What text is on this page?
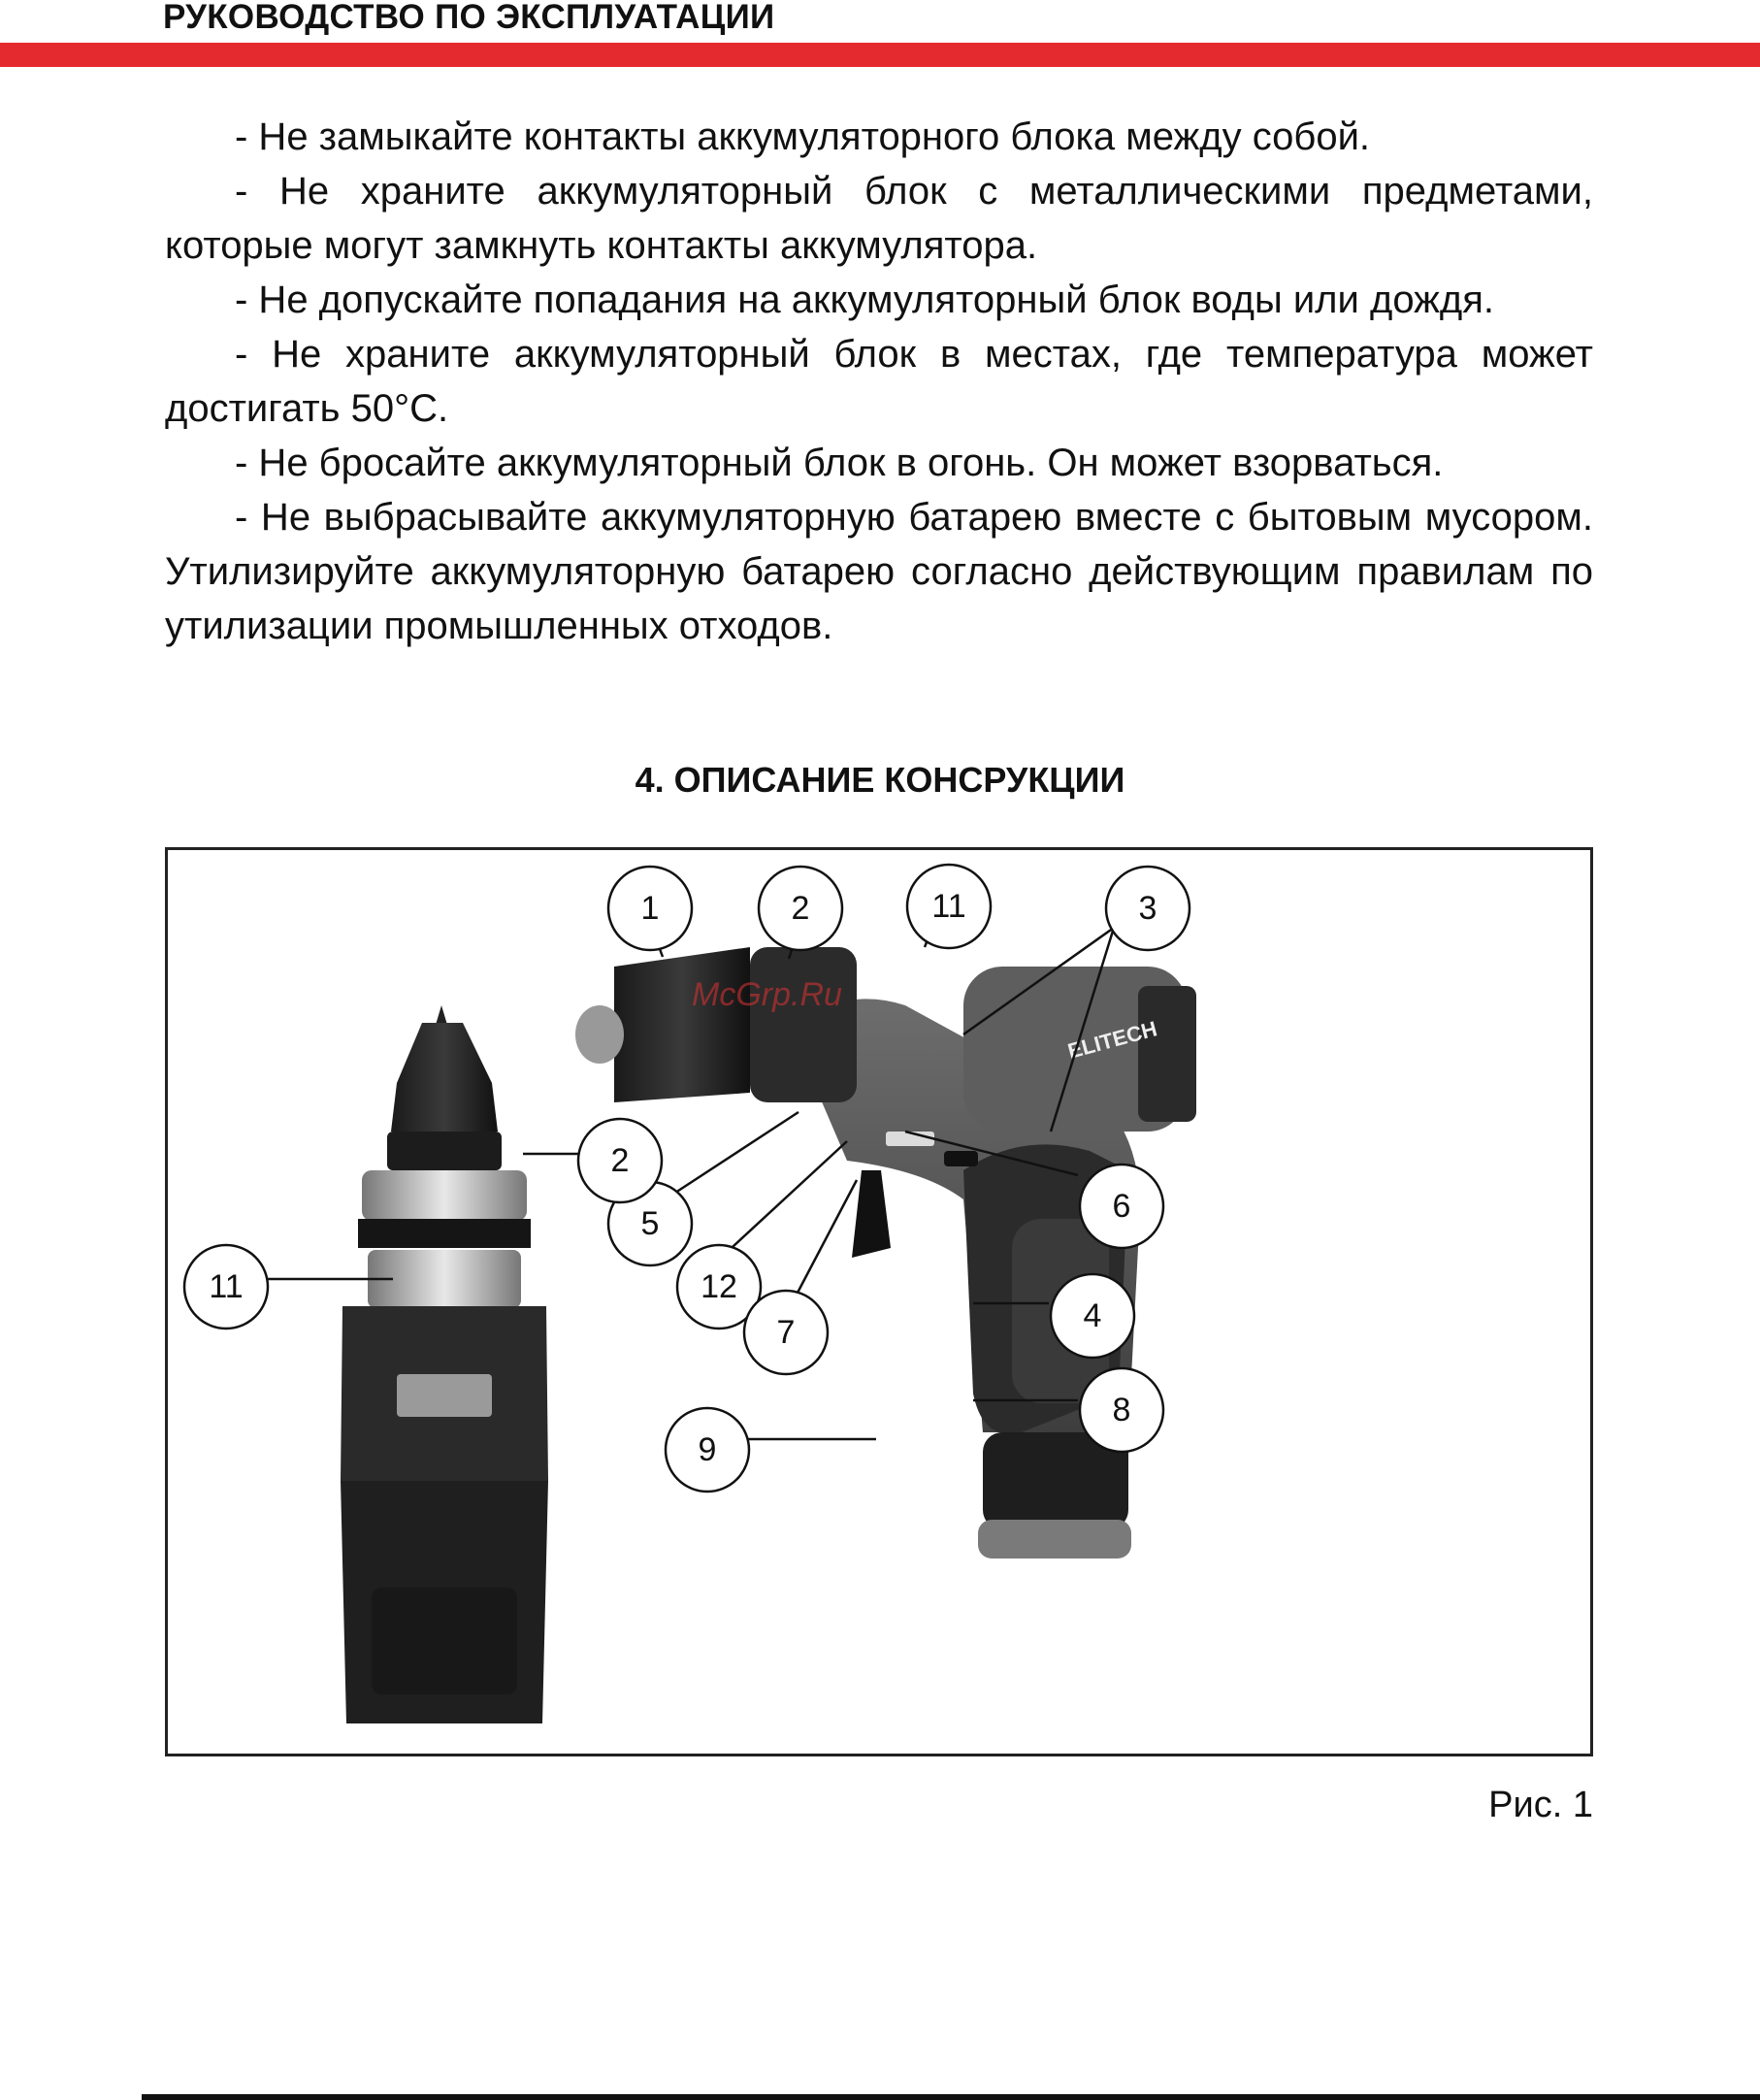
РУКОВОДСТВО ПО ЭКСПЛУАТАЦИИ

- Не замыкайте контакты аккумуляторного блока между собой.

- Не храните аккумуляторный блок с металлическими предметами, которые могут замкнуть контакты аккумулятора.

- Не допускайте попадания на аккумуляторный блок воды или дождя.

- Не храните аккумуляторный блок в местах, где температура может достигать 50°С.

- Не бросайте аккумуляторный блок в огонь. Он может взорваться.

- Не выбрасывайте аккумуляторную батарею вместе с бытовым мусором. Утилизируйте аккумуляторную батарею согласно действующим правилам по утилизации промышленных отходов.

4. ОПИСАНИЕ КОНСРУКЦИИ
ELITECH
McGrp.Ru
1	2	11	3
5	6
12
7	4
8
9
2
11

Рис. 1
